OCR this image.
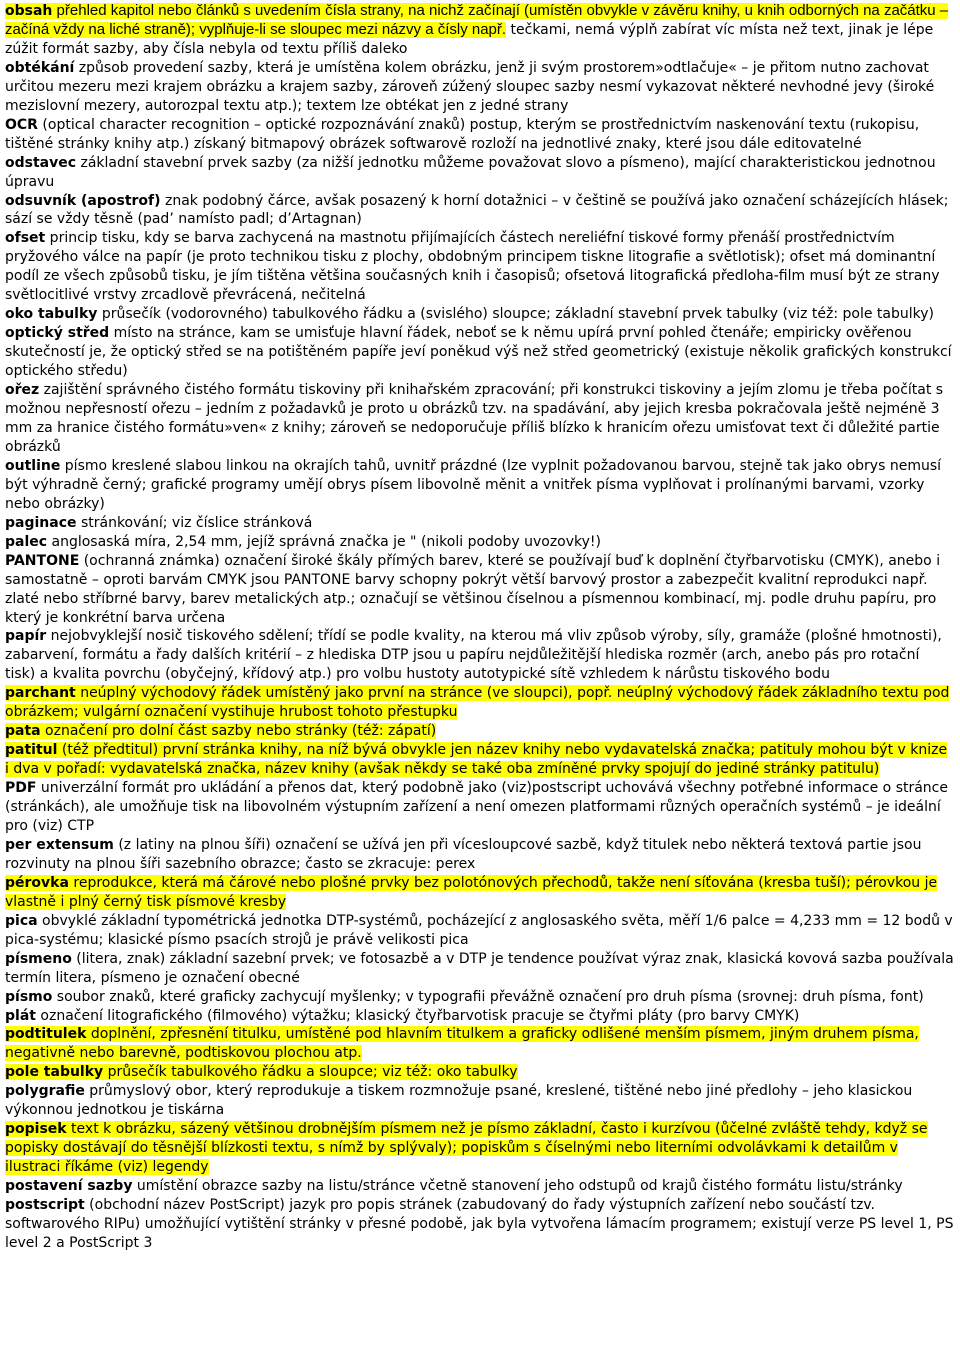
obsah přehled kapitol nebo článků s uvedením čísla strany, na nichž začínají (umístěn obvykle v závěru knihy, u knih odborných na začátku – začíná vždy na liché straně); vyplňuje-li se sloupec mezi názvy a čísly např. tečkami, nemá výplň zabírat víc místa než text, jinak je lépe zúžit formát sazby, aby čísla nebyla od textu příliš daleko
obtékání způsob provedení sazby, která je umístěna kolem obrázku, jenž ji svým prostorem»odtlačuje« – je přitom nutno zachovat určitou mezeru mezi krajem obrázku a krajem sazby, zároveň zúžený sloupec sazby nesmí vykazovat některé nevhodné jevy (široké mezislovní mezery, autorozpal textu atp.); textem lze obtékat jen z jedné strany
OCR (optical character recognition – optické rozpoznávání znaků) postup, kterým se prostřednictvím naskenování textu (rukopisu, tištěné stránky knihy atp.) získaný bitmapový obrázek softwarově rozloží na jednotlivé znaky, které jsou dále editovatelné
odstavec základní stavební prvek sazby (za nižší jednotku můžeme považovat slovo a písmeno), mající charakteristickou jednotnou úpravu
odsuvník (apostrof) znak podobný čárce, avšak posazený k horní dotažnici – v češtině se používá jako označení scházejících hlásek; sází se vždy těsně (pad’ namísto padl; d’Artagnan)
ofset princip tisku, kdy se barva zachycená na mastnotu přijímajících částech nereliéfní tiskové formy přenáší prostřednictvím pryžového válce na papír (je proto technikou tisku z plochy, obdobným principem tiskne litografie a světlotisk); ofset má dominantní podíl ze všech způsobů tisku, je jím tištěna většina současných knih i časopisů; ofsetová litografická předloha-film musí být ze strany světlocitlivé vrstvy zrcadlově převrácená, nečitelná
oko tabulky průsečík (vodorovného) tabulkového řádku a (svislého) sloupce; základní stavební prvek tabulky (viz též: pole tabulky)
optický střed místo na stránce, kam se umisťuje hlavní řádek, neboť se k němu upírá první pohled čtenáře; empiricky ověřenou skutečností je, že optický střed se na potištěném papíře jeví poněkud výš než střed geometrický (existuje několik grafických konstrukcí optického středu)
ořez zajištění správného čistého formátu tiskoviny při knihařském zpracování; při konstrukci tiskoviny a jejím zlomu je třeba počítat s možnou nepřesností ořezu – jedním z požadavků je proto u obrázků tzv. na spadávání, aby jejich kresba pokračovala ještě nejméně 3 mm za hranice čistého formátu»ven« z knihy; zároveň se nedoporučuje příliš blízko k hranicím ořezu umisťovat text či důležité partie obrázků
outline písmo kreslené slabou linkou na okrajích tahů, uvnitř prázdné (lze vyplnit požadovanou barvou, stejně tak jako obrys nemusí být výhradně černý; grafické programy umějí obrys písem libovolně měnit a vnitřek písma vyplňovat i prolínanými barvami, vzorky nebo obrázky)
paginace stránkování; viz číslice stránková
palec anglosaská míra, 2,54 mm, jejíž správná značka je " (nikoli podoby uvozovky!)
PANTONE (ochranná známka) označení široké škály přímých barev, které se používají buď k doplnění čtyřbarvotisku (CMYK), anebo i samostatně – oproti barvám CMYK jsou PANTONE barvy schopny pokrýt větší barvový prostor a zabezpečit kvalitní reprodukci např. zlaté nebo stříbrné barvy, barev metalických atp.; označují se většinou číselnou a písmennou kombinací, mj. podle druhu papíru, pro který je konkrétní barva určena
papír nejobvyklejší nosič tiskového sdělení; třídí se podle kvality, na kterou má vliv způsob výroby, síly, gramáže (plošné hmotnosti), zabarvení, formátu a řady dalších kritérií – z hlediska DTP jsou u papíru nejdůležitější hlediska rozměr (arch, anebo pás pro rotační tisk) a kvalita povrchu (obyčejný, křídový atp.) pro volbu hustoty autotypické sítě vzhledem k nárůstu tiskového bodu
parchant neúplný východový řádek umístěný jako první na stránce (ve sloupci), popř. neúplný východový řádek základního textu pod obrázkem; vulgární označení vystihuje hrubost tohoto přestupku
pata označení pro dolní část sazby nebo stránky (též: zápatí)
patitul (též předtitul) první stránka knihy, na níž bývá obvykle jen název knihy nebo vydavatelská značka; patituly mohou být v knize i dva v pořadí: vydavatelská značka, název knihy (avšak někdy se také oba zmíněné prvky spojují do jediné stránky patitulu)
PDF univerzální formát pro ukládání a přenos dat, který podobně jako (viz)postscript uchovává všechny potřebné informace o stránce (stránkách), ale umožňuje tisk na libovolném výstupním zařízení a není omezen platformami různých operačních systémů – je ideální pro (viz) CTP
per extensum (z latiny na plnou šíři) označení se užívá jen při vícesloupcové sazbě, když titulek nebo některá textová partie jsou rozvinuty na plnou šíři sazebního obrazce; často se zkracuje: perex
pérovka reprodukce, která má čárové nebo plošné prvky bez polotónových přechodů, takže není síťována (kresba tuší); pérovkou je vlastně i plný černý tisk písmové kresby
pica obvyklé základní typométrická jednotka DTP-systémů, pocházející z anglosaského světa, měří 1/6 palce = 4,233 mm = 12 bodů v pica-systému; klasické písmo psacích strojů je právě velikosti pica
písmeno (litera, znak) základní sazební prvek; ve fotosazbě a v DTP je tendence používat výraz znak, klasická kovová sazba používala termín litera, písmeno je označení obecné
písmo soubor znaků, které graficky zachycují myšlenky; v typografii převážně označení pro druh písma (srovnej: druh písma, font)
plát označení litografického (filmového) výtažku; klasický čtyřbarvotisk pracuje se čtyřmi pláty (pro barvy CMYK)
podtitulek doplnění, zpřesnění titulku, umístěné pod hlavním titulkem a graficky odlišené menším písmem, jiným druhem písma, negativně nebo barevně, podtiskovou plochou atp.
pole tabulky průsečík tabulkového řádku a sloupce; viz též: oko tabulky
polygrafie průmyslový obor, který reprodukuje a tiskem rozmnožuje psané, kreslené, tištěné nebo jiné předlohy – jeho klasickou výkonnou jednotkou je tiskárna
popisek text k obrázku, sázený většinou drobnějším písmem než je písmo základní, často i kurzívou (ůčelné zvláště tehdy, když se popisky dostávají do těsnější blízkosti textu, s nímž by splývaly); popiskům s číselnými nebo literními odvolávkami k detailům v ilustraci říkáme (viz) legendy
postavení sazby umístění obrazce sazby na listu/stránce včetně stanovení jeho odstupů od krajů čistého formátu listu/stránky
postscript (obchodní název PostScript) jazyk pro popis stránek (zabudovaný do řady výstupních zařízení nebo součástí tzv. softwarového RIPu) umožňující vytištění stránky v přesné podobě, jak byla vytvořena lámacím programem; existují verze PS level 1, PS level 2 a PostScript 3
